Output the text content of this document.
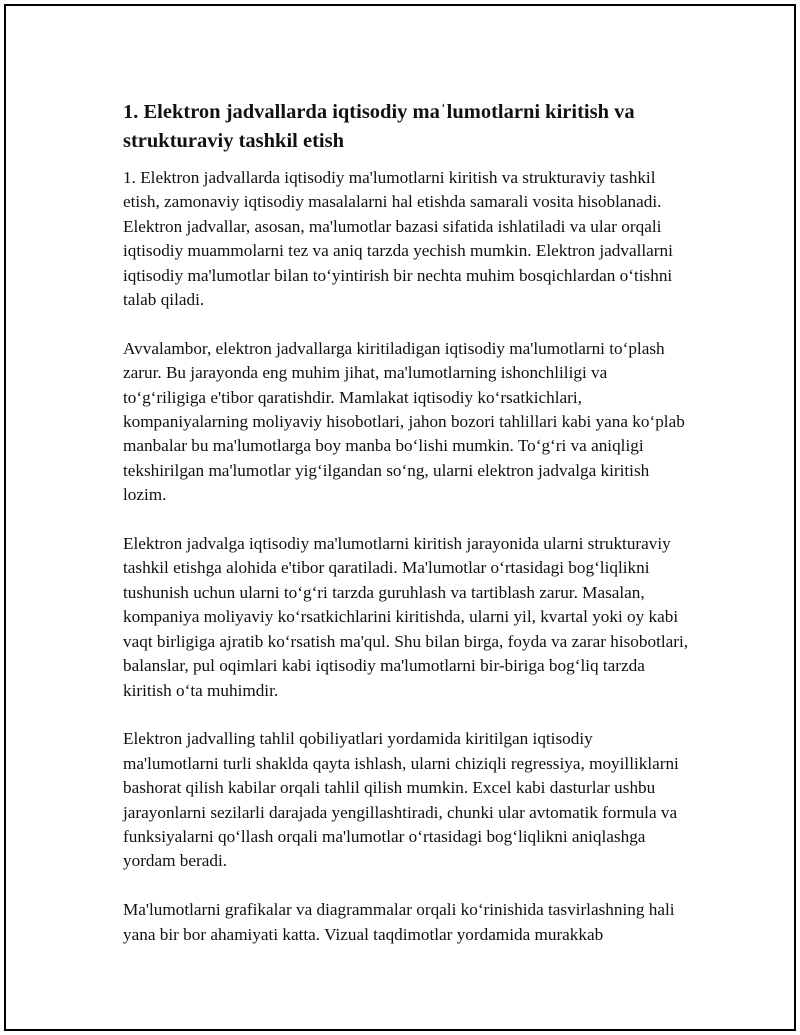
1. Elektron jadvallarda iqtisodiy maˈlumotlarni kiritish va strukturaviy tashkil etish

1. Elektron jadvallarda iqtisodiy ma'lumotlarni kiritish va strukturaviy tashkil etish, zamonaviy iqtisodiy masalalarni hal etishda samarali vosita hisoblanadi. Elektron jadvallar, asosan, ma'lumotlar bazasi sifatida ishlatiladi va ular orqali iqtisodiy muammolarni tez va aniq tarzda yechish mumkin. Elektron jadvallarni iqtisodiy ma'lumotlar bilan toʻyintirish bir nechta muhim bosqichlardan oʻtishni talab qiladi.

Avvalambor, elektron jadvallarga kiritiladigan iqtisodiy ma'lumotlarni toʻplash zarur. Bu jarayonda eng muhim jihat, ma'lumotlarning ishonchliligi va toʻgʻriligiga e'tibor qaratishdir. Mamlakat iqtisodiy koʻrsatkichlari, kompaniyalarning moliyaviy hisobotlari, jahon bozori tahlillari kabi yana koʻplab manbalar bu ma'lumotlarga boy manba boʻlishi mumkin. Toʻgʻri va aniqligi tekshirilgan ma'lumotlar yigʻilgandan soʻng, ularni elektron jadvalga kiritish lozim.

Elektron jadvalga iqtisodiy ma'lumotlarni kiritish jarayonida ularni strukturaviy tashkil etishga alohida e'tibor qaratiladi. Ma'lumotlar oʻrtasidagi bogʻliqlikni tushunish uchun ularni toʻgʻri tarzda guruhlash va tartiblash zarur. Masalan, kompaniya moliyaviy koʻrsatkichlarini kiritishda, ularni yil, kvartal yoki oy kabi vaqt birligiga ajratib koʻrsatish ma'qul. Shu bilan birga, foyda va zarar hisobotlari, balanslar, pul oqimlari kabi iqtisodiy ma'lumotlarni bir-biriga bogʻliq tarzda kiritish oʻta muhimdir.

Elektron jadvalling tahlil qobiliyatlari yordamida kiritilgan iqtisodiy ma'lumotlarni turli shaklda qayta ishlash, ularni chiziqli regressiya, moyilliklarni bashorat qilish kabilar orqali tahlil qilish mumkin. Excel kabi dasturlar ushbu jarayonlarni sezilarli darajada yengillashtiradi, chunki ular avtomatik formula va funksiyalarni qoʻllash orqali ma'lumotlar oʻrtasidagi bogʻliqlikni aniqlashga yordam beradi.

Ma'lumotlarni grafikalar va diagrammalar orqali koʻrinishida tasvirlashning hali yana bir bor ahamiyati katta. Vizual taqdimotlar yordamida murakkab
